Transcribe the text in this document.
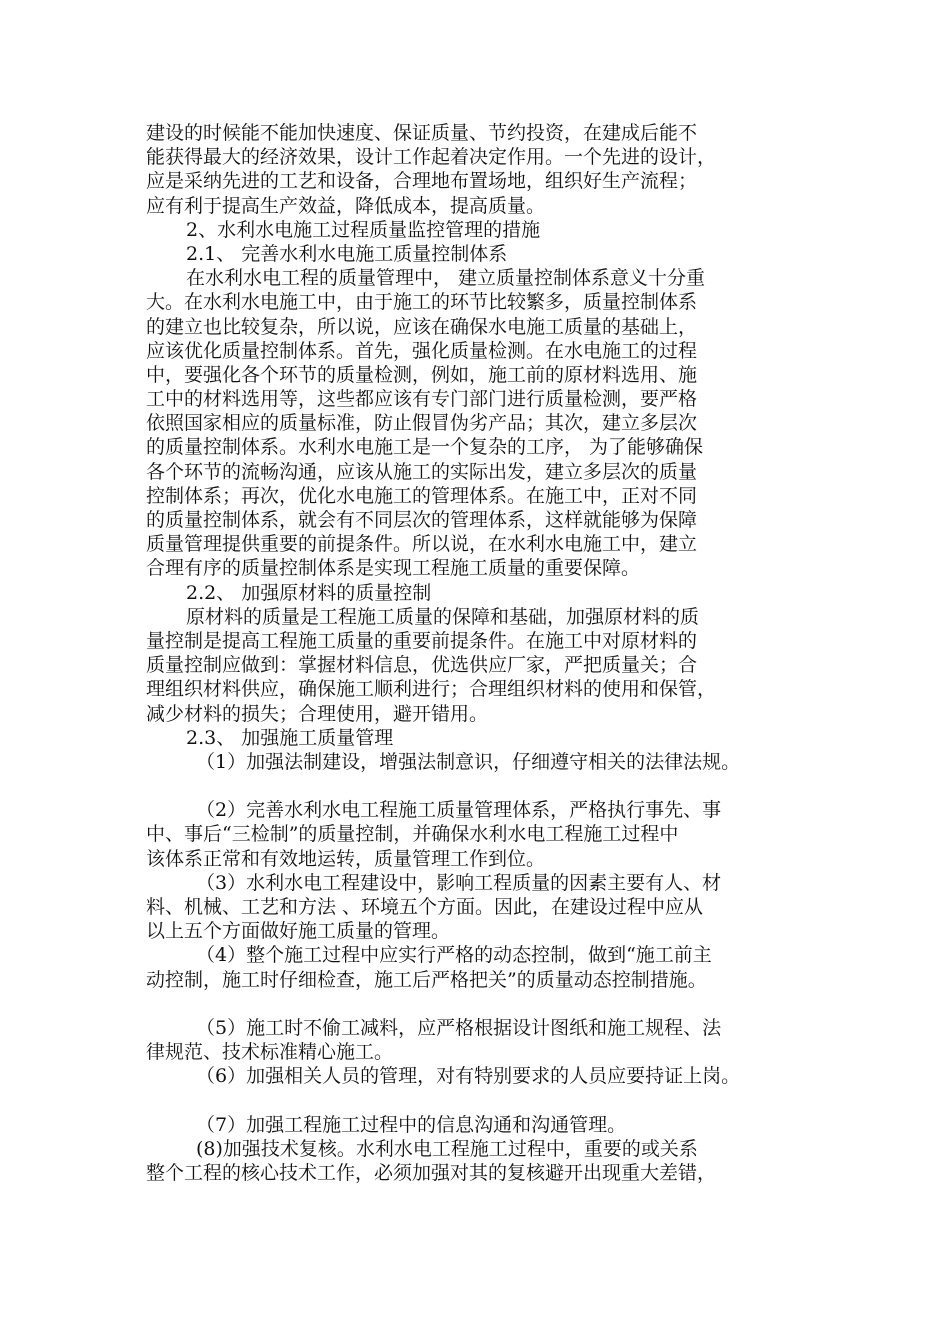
建设的时候能不能加快速度、保证质量、节约投资，在建成后能不
能获得最大的经济效果，设计工作起着决定作用。一个先进的设计，
应是采纳先进的工艺和设备，合理地布置场地，组织好生产流程；
应有利于提高生产效益，降低成本，提高质量。
2、水利水电施工过程质量监控管理的措施
2.1、 完善水利水电施工质量控制体系
在水利水电工程的质量管理中， 建立质量控制体系意义十分重
大。在水利水电施工中，由于施工的环节比较繁多，质量控制体系
的建立也比较复杂，所以说，应该在确保水电施工质量的基础上，
应该优化质量控制体系。首先，强化质量检测。在水电施工的过程
中，要强化各个环节的质量检测，例如，施工前的原材料选用、施
工中的材料选用等，这些都应该有专门部门进行质量检测，要严格
依照国家相应的质量标准，防止假冒伪劣产品；其次，建立多层次
的质量控制体系。水利水电施工是一个复杂的工序， 为了能够确保
各个环节的流畅沟通，应该从施工的实际出发，建立多层次的质量
控制体系；再次，优化水电施工的管理体系。在施工中，正对不同
的质量控制体系，就会有不同层次的管理体系，这样就能够为保障
质量管理提供重要的前提条件。所以说，在水利水电施工中，建立
合理有序的质量控制体系是实现工程施工质量的重要保障。
2.2、 加强原材料的质量控制
原材料的质量是工程施工质量的保障和基础，加强原材料的质
量控制是提高工程施工质量的重要前提条件。在施工中对原材料的
质量控制应做到：掌握材料信息，优选供应厂家，严把质量关；合
理组织材料供应，确保施工顺利进行；合理组织材料的使用和保管，
减少材料的损失；合理使用，避开错用。
2.3、 加强施工质量管理
（1）加强法制建设，增强法制意识，仔细遵守相关的法律法规。
（2）完善水利水电工程施工质量管理体系，严格执行事先、事
中、事后“三检制”的质量控制，并确保水利水电工程施工过程中
该体系正常和有效地运转，质量管理工作到位。
（3）水利水电工程建设中，影响工程质量的因素主要有人、材
料、机械、工艺和方法 、环境五个方面。因此，在建设过程中应从
以上五个方面做好施工质量的管理。
（4）整个施工过程中应实行严格的动态控制，做到“施工前主
动控制，施工时仔细检查，施工后严格把关”的质量动态控制措施。
（5）施工时不偷工减料，应严格根据设计图纸和施工规程、法
律规范、技术标准精心施工。
（6）加强相关人员的管理，对有特别要求的人员应要持证上岗。
（7）加强工程施工过程中的信息沟通和沟通管理。
(8)加强技术复核。水利水电工程施工过程中，重要的或关系
整个工程的核心技术工作，必须加强对其的复核避开出现重大差错，
